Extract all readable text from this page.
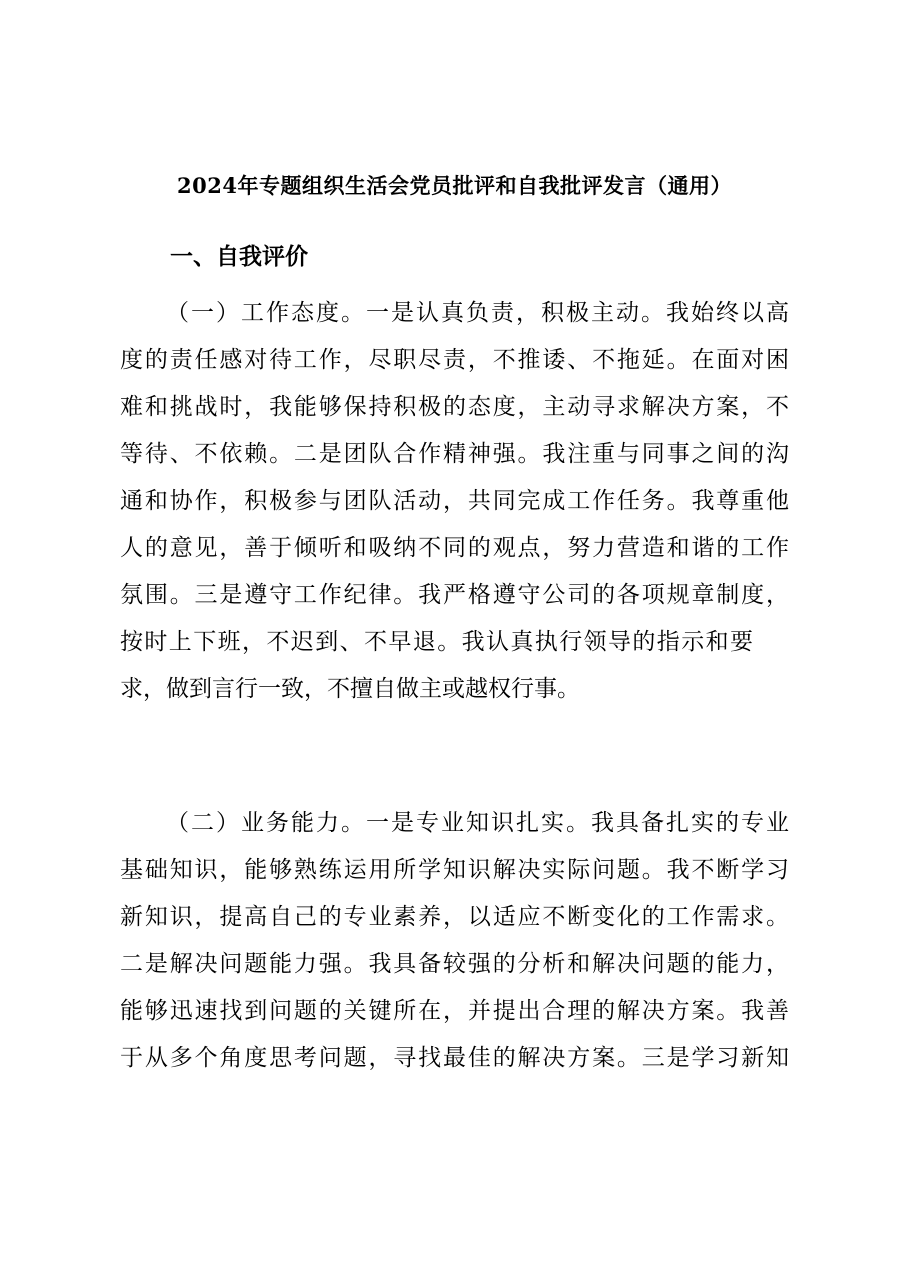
2024年专题组织生活会党员批评和自我批评发言（通用）
一、自我评价
（一）工作态度。一是认真负责，积极主动。我始终以高
度的责任感对待工作，尽职尽责，不推诿、不拖延。在面对困
难和挑战时，我能够保持积极的态度，主动寻求解决方案，不
等待、不依赖。二是团队合作精神强。我注重与同事之间的沟
通和协作，积极参与团队活动，共同完成工作任务。我尊重他
人的意见，善于倾听和吸纳不同的观点，努力营造和谐的工作
氛围。三是遵守工作纪律。我严格遵守公司的各项规章制度，
按时上下班，不迟到、不早退。我认真执行领导的指示和要
求，做到言行一致，不擅自做主或越权行事。
（二）业务能力。一是专业知识扎实。我具备扎实的专业
基础知识，能够熟练运用所学知识解决实际问题。我不断学习
新知识，提高自己的专业素养，以适应不断变化的工作需求。
二是解决问题能力强。我具备较强的分析和解决问题的能力，
能够迅速找到问题的关键所在，并提出合理的解决方案。我善
于从多个角度思考问题，寻找最佳的解决方案。三是学习新知
